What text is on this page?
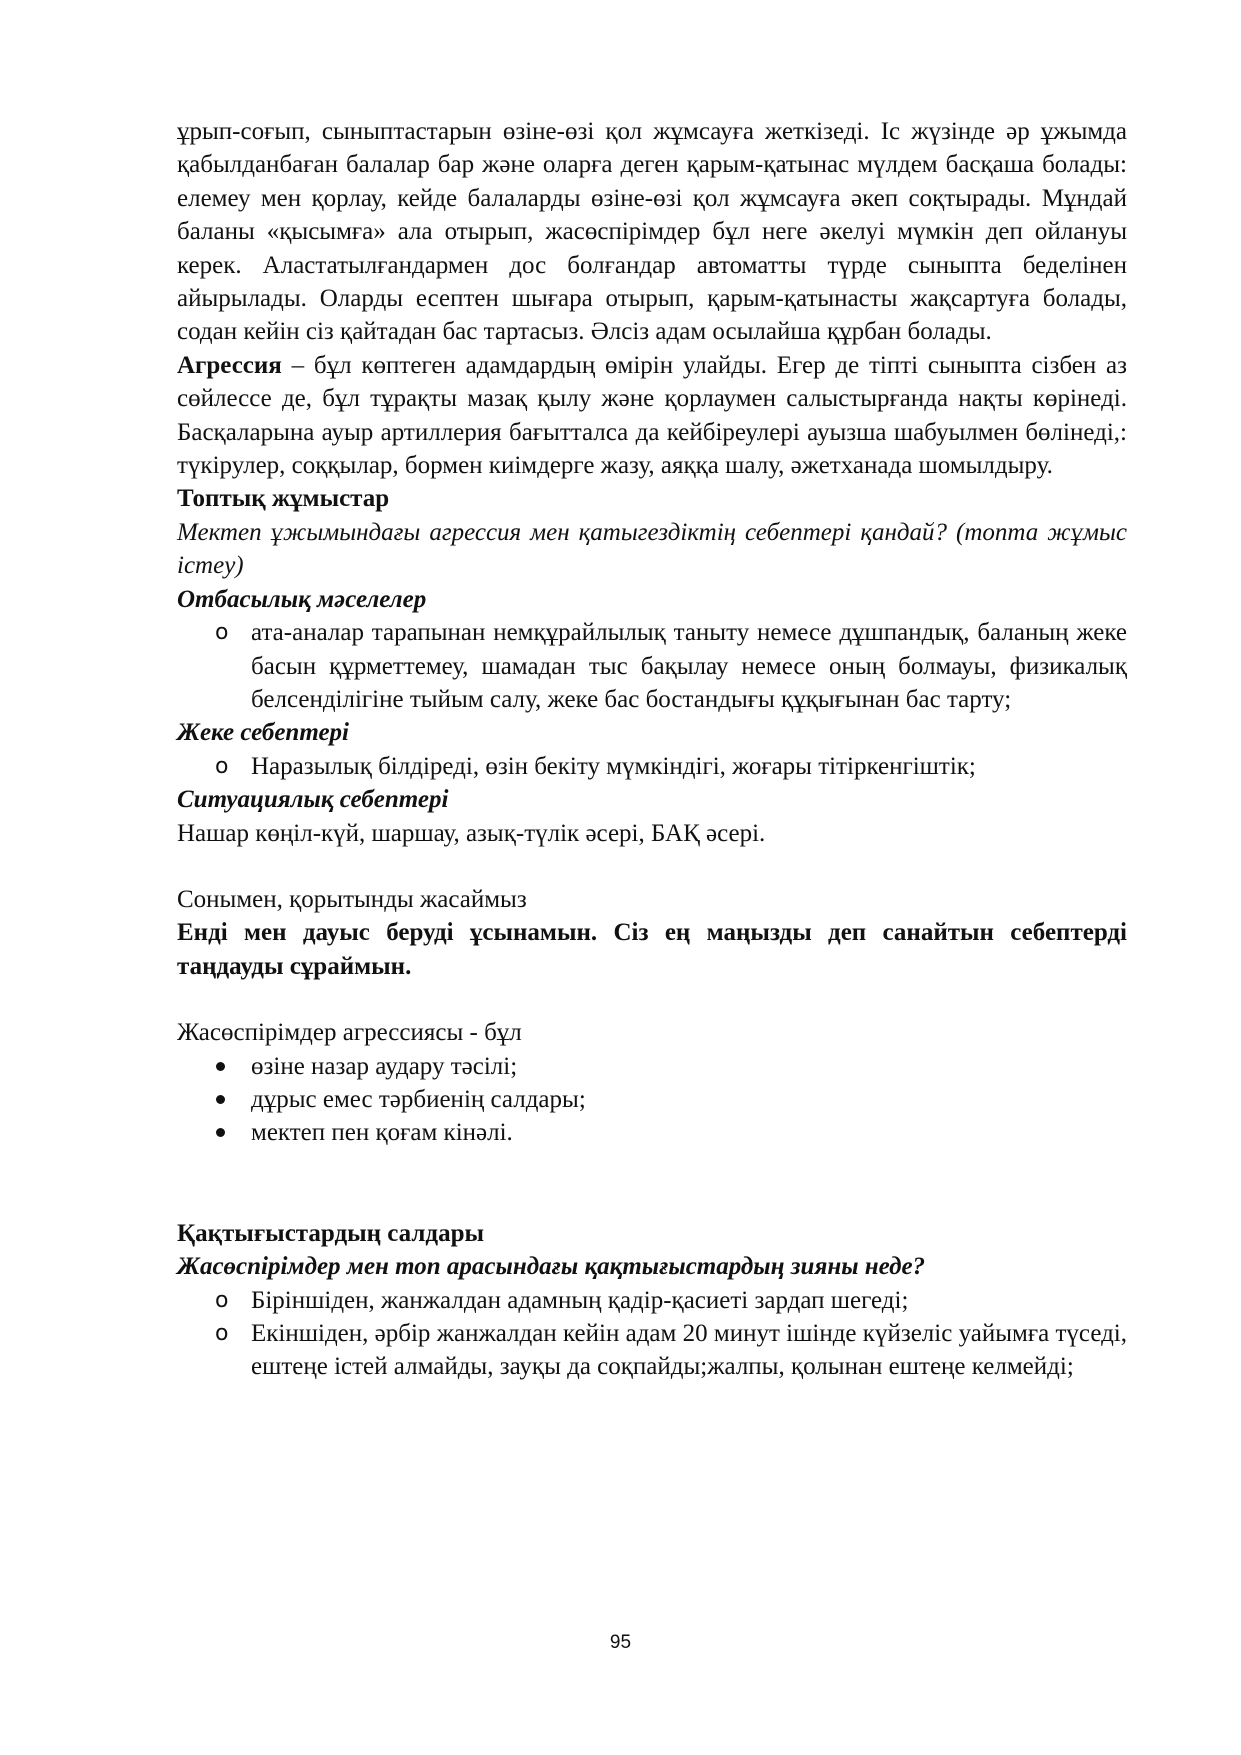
ұрып-соғып, сыныптастарын өзіне-өзі қол жұмсауға жеткізеді. Іс жүзінде әр ұжымда қабылданбаған балалар бар және оларға деген қарым-қатынас мүлдем басқаша болады: елемеу мен қорлау, кейде балаларды өзіне-өзі қол жұмсауға әкеп соқтырады. Мұндай баланы «қысымға» ала отырып, жасөспірімдер бұл неге әкелуі мүмкін деп ойлануы керек. Аластатылғандармен дос болғандар автоматты түрде сыныпта беделінен айырылады. Оларды есептен шығара отырып, қарым-қатынасты жақсартуға болады, содан кейін сіз қайтадан бас тартасыз. Әлсіз адам осылайша құрбан болады.

Агрессия – бұл көптеген адамдардың өмірін улайды. Егер де тіпті сыныпта сізбен аз сөйлессе де, бұл тұрақты мазақ қылу және қорлаумен салыстырғанда нақты көрінеді. Басқаларына ауыр артиллерия бағытталса да кейбіреулері ауызша шабуылмен бөлінеді,: түкірулер, соққылар, бормен киімдерге жазу, аяққа шалу, әжетханада шомылдыру.

Топтық жұмыстар

Мектеп ұжымындағы агрессия мен қатыгездіктің себептері қандай? (топта жұмыс істеу)

Отбасылық мәселелер

o ата-аналар тарапынан немқұрайлылық таныту немесе дұшпандық, баланың жеке басын құрметтемеу, шамадан тыс бақылау немесе оның болмауы, физикалық белсенділігіне тыйым салу, жеке бас бостандығы құқығынан бас тарту;

Жеке себептері

o Наразылық білдіреді, өзін бекіту мүмкіндігі, жоғары тітіркенгіштік;

Ситуациялық себептері

Нашар көңіл-күй, шаршау, азық-түлік әсері, БАҚ әсері.

Сонымен, қорытынды жасаймыз

Енді мен дауыс беруді ұсынамын. Сіз ең маңызды деп санайтын себептерді таңдауды сұраймын.

Жасөспірімдер агрессиясы - бұл

өзіне назар аудару тәсілі;
дұрыс емес тәрбиенің салдары;
мектеп пен қоғам кінәлі.

Қақтығыстардың салдары

Жасөспірімдер мен топ арасындағы қақтығыстардың зияны неде?

o Біріншіден, жанжалдан адамның қадір-қасиеті зардап шегеді;
o Екіншіден, әрбір жанжалдан кейін адам 20 минут ішінде күйзеліс уайымға түседі, ештеңе істей алмайды, зауқы да соқпайды;жалпы, қолынан ештеңе келмейді;
95
